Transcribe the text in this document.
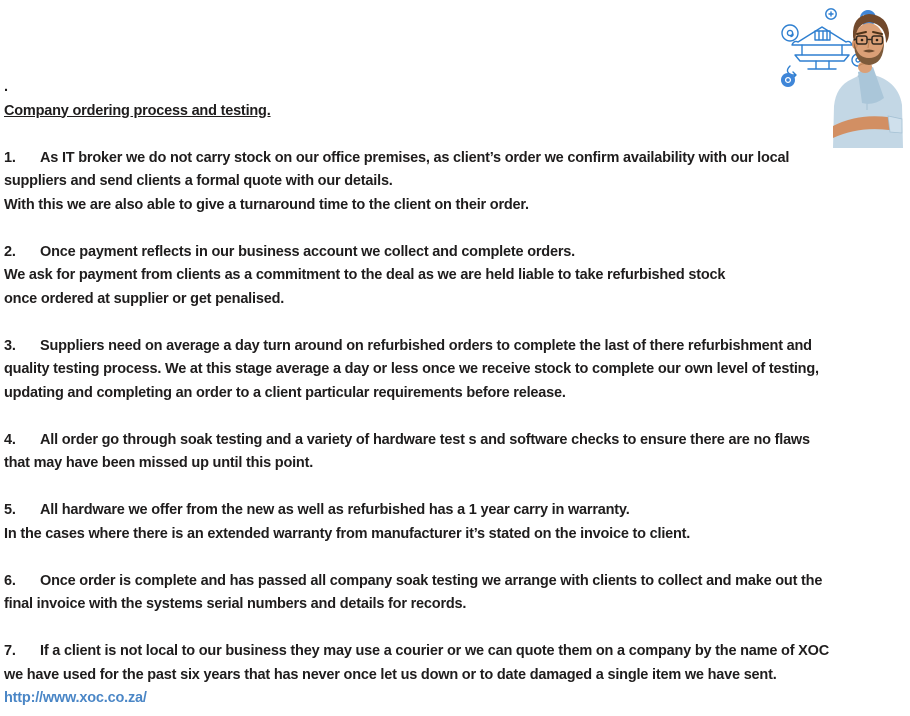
.
Company ordering process and testing.
1. As IT broker we do not carry stock on our office premises, as client’s order we confirm availability with our local
suppliers and send clients a formal quote with our details.
With this we are also able to give a turnaround time to the client on their order.
2. Once payment reflects in our business account we collect and complete orders.
We ask for payment from clients as a commitment to the deal as we are held liable to take refurbished stock
once ordered at supplier or get penalised.
3. Suppliers need on average a day turn around on refurbished orders to complete the last of there refurbishment and
quality testing process. We at this stage average a day or less once we receive stock to complete our own level of testing,
updating and completing an order to a client particular requirements before release.
4. All order go through soak testing and a variety of hardware test s and software checks to ensure there are no flaws
that may have been missed up until this point.
5. All hardware we offer from the new as well as refurbished has a 1 year carry in warranty.
In the cases where there is an extended warranty from manufacturer it’s stated on the invoice to client.
6. Once order is complete and has passed all company soak testing we arrange with clients to collect and make out the
final invoice with the systems serial numbers and details for records.
7. If a client is not local to our business they may use a courier or we can quote them on a company by the name of XOC
we have used for the past six years that has never once let us down or to date damaged a single item we have sent.
http://www.xoc.co.za/
